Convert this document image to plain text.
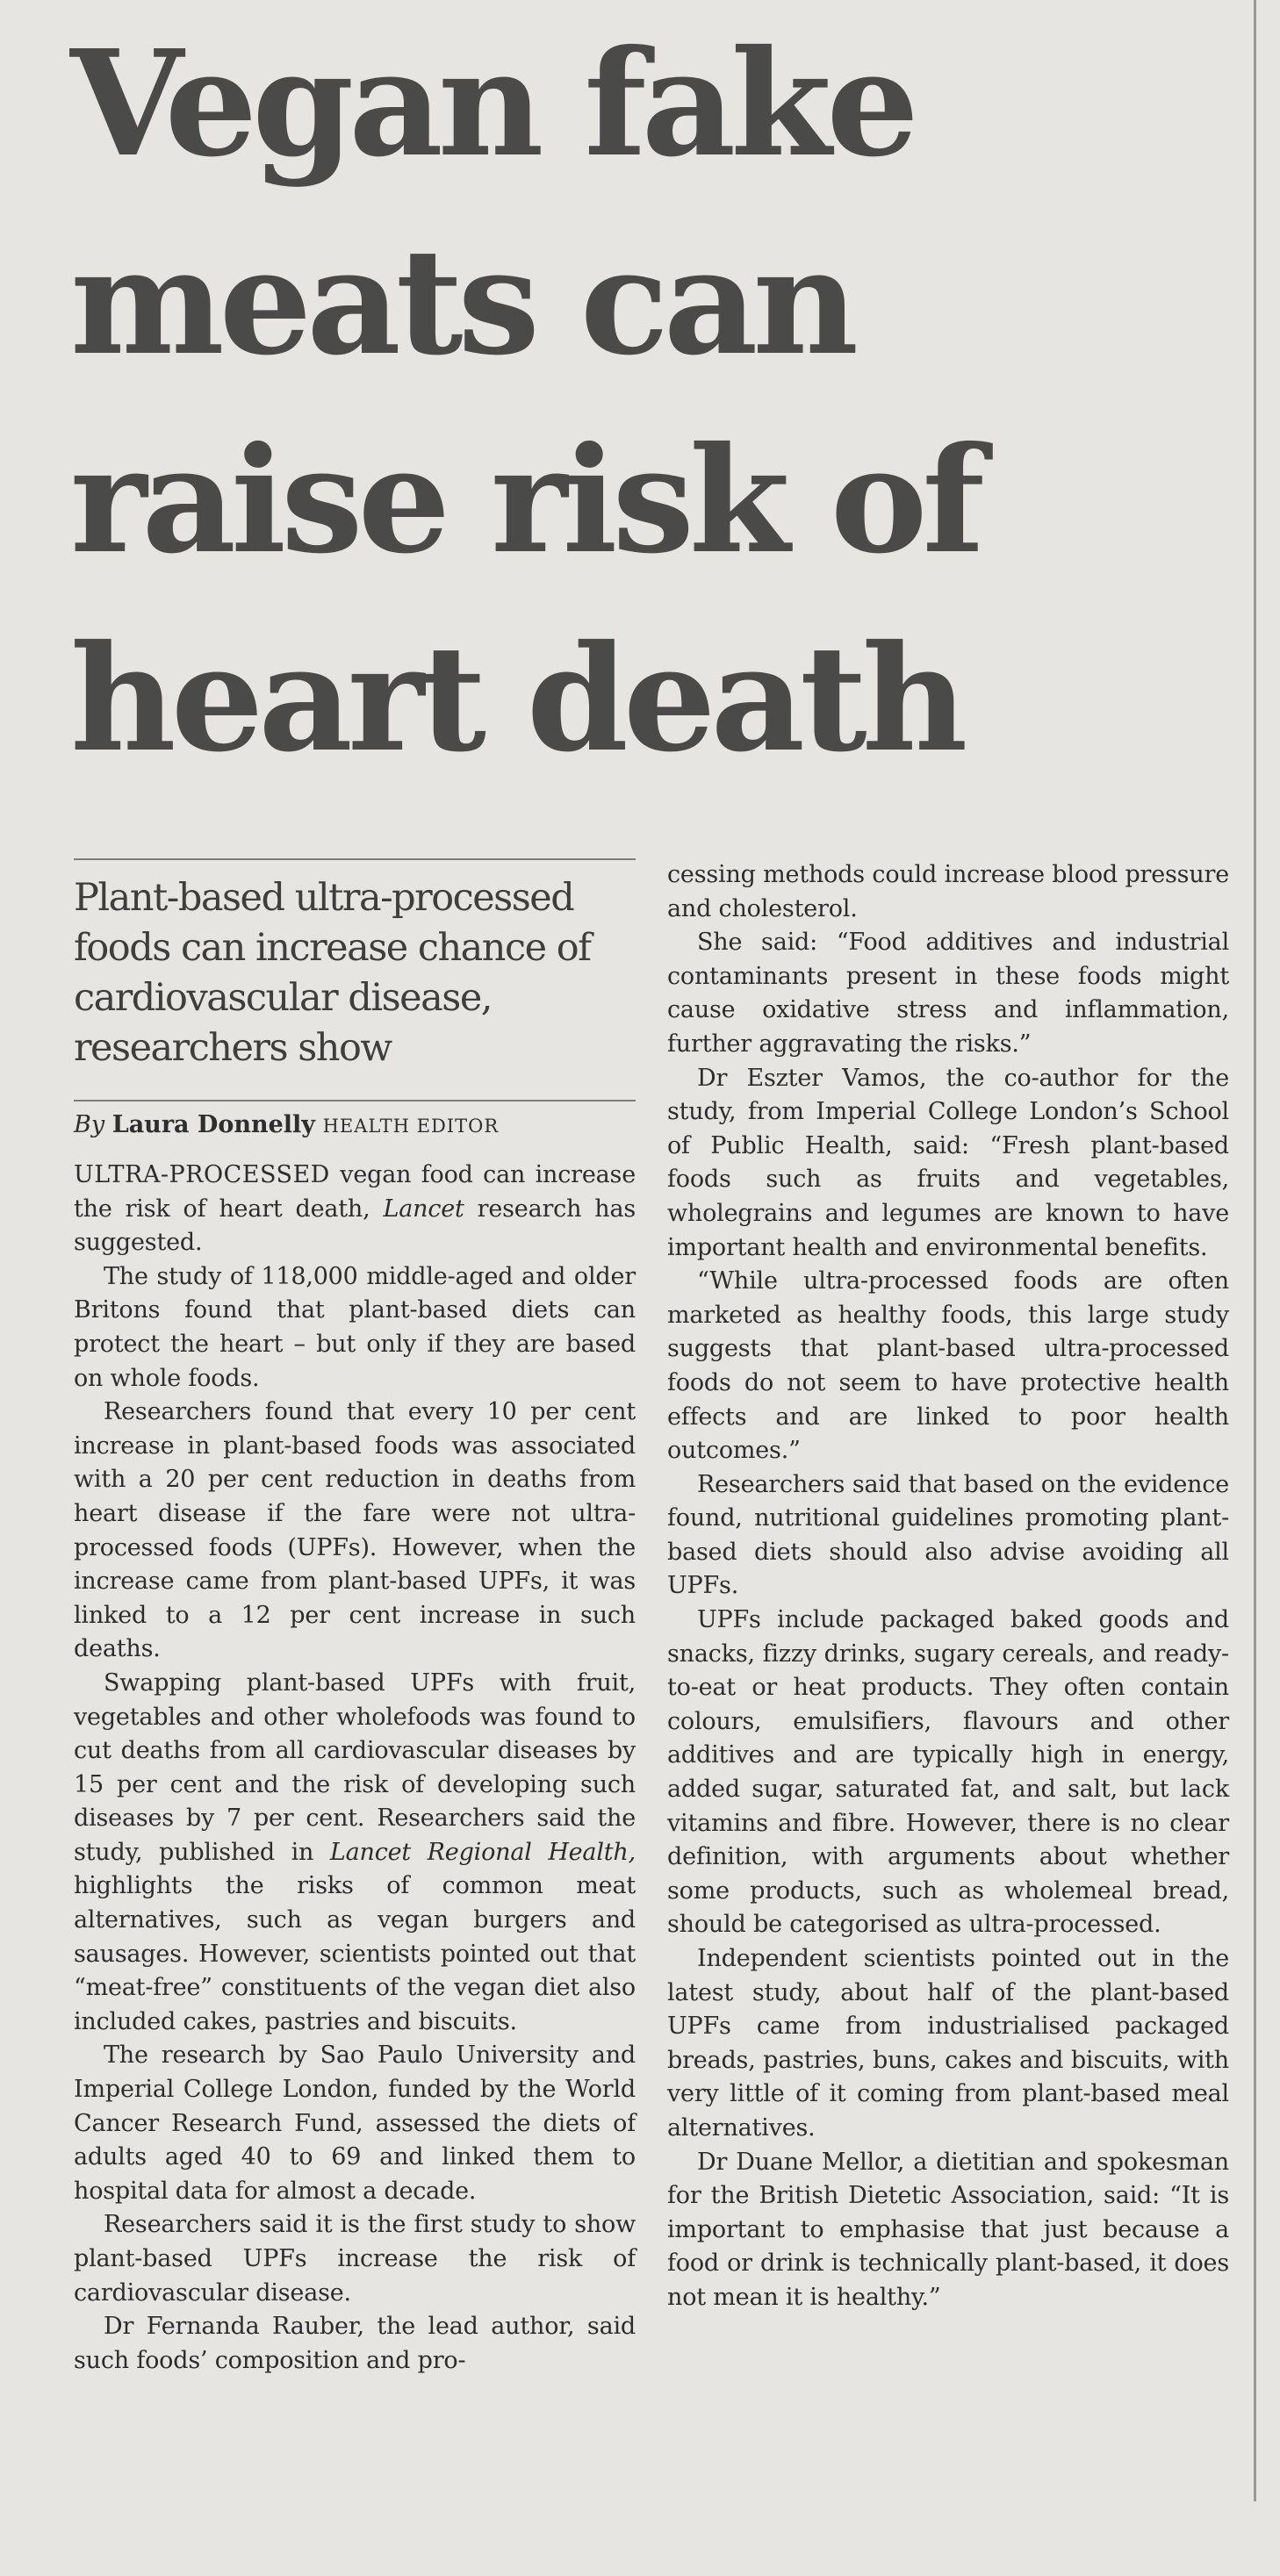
Vegan fake meats can raise risk of heart death
Plant-based ultra-processed foods can increase chance of cardiovascular disease, researchers show
By Laura Donnelly HEALTH EDITOR

ULTRA-PROCESSED vegan food can increase the risk of heart death, Lancet research has suggested.

The study of 118,000 middle-aged and older Britons found that plant-based diets can protect the heart – but only if they are based on whole foods.

Researchers found that every 10 per cent increase in plant-based foods was associated with a 20 per cent reduction in deaths from heart disease if the fare were not ultra-processed foods (UPFs). However, when the increase came from plant-based UPFs, it was linked to a 12 per cent increase in such deaths.

Swapping plant-based UPFs with fruit, vegetables and other wholefoods was found to cut deaths from all cardiovascular diseases by 15 per cent and the risk of developing such diseases by 7 per cent. Researchers said the study, published in Lancet Regional Health, highlights the risks of common meat alternatives, such as vegan burgers and sausages. However, scientists pointed out that “meat-free” constituents of the vegan diet also included cakes, pastries and biscuits.

The research by Sao Paulo University and Imperial College London, funded by the World Cancer Research Fund, assessed the diets of adults aged 40 to 69 and linked them to hospital data for almost a decade.

Researchers said it is the first study to show plant-based UPFs increase the risk of cardiovascular disease.

Dr Fernanda Rauber, the lead author, said such foods’ composition and pro-

cessing methods could increase blood pressure and cholesterol.

She said: “Food additives and industrial contaminants present in these foods might cause oxidative stress and inflammation, further aggravating the risks.”

Dr Eszter Vamos, the co-author for the study, from Imperial College London’s School of Public Health, said: “Fresh plant-based foods such as fruits and vegetables, wholegrains and legumes are known to have important health and environmental benefits.

“While ultra-processed foods are often marketed as healthy foods, this large study suggests that plant-based ultra-processed foods do not seem to have protective health effects and are linked to poor health outcomes.”

Researchers said that based on the evidence found, nutritional guidelines promoting plant-based diets should also advise avoiding all UPFs.

UPFs include packaged baked goods and snacks, fizzy drinks, sugary cereals, and ready-to-eat or heat products. They often contain colours, emulsifiers, flavours and other additives and are typically high in energy, added sugar, saturated fat, and salt, but lack vitamins and fibre. However, there is no clear definition, with arguments about whether some products, such as wholemeal bread, should be categorised as ultra-processed.

Independent scientists pointed out in the latest study, about half of the plant-based UPFs came from industrialised packaged breads, pastries, buns, cakes and biscuits, with very little of it coming from plant-based meal alternatives.

Dr Duane Mellor, a dietitian and spokesman for the British Dietetic Association, said: “It is important to emphasise that just because a food or drink is technically plant-based, it does not mean it is healthy.”
